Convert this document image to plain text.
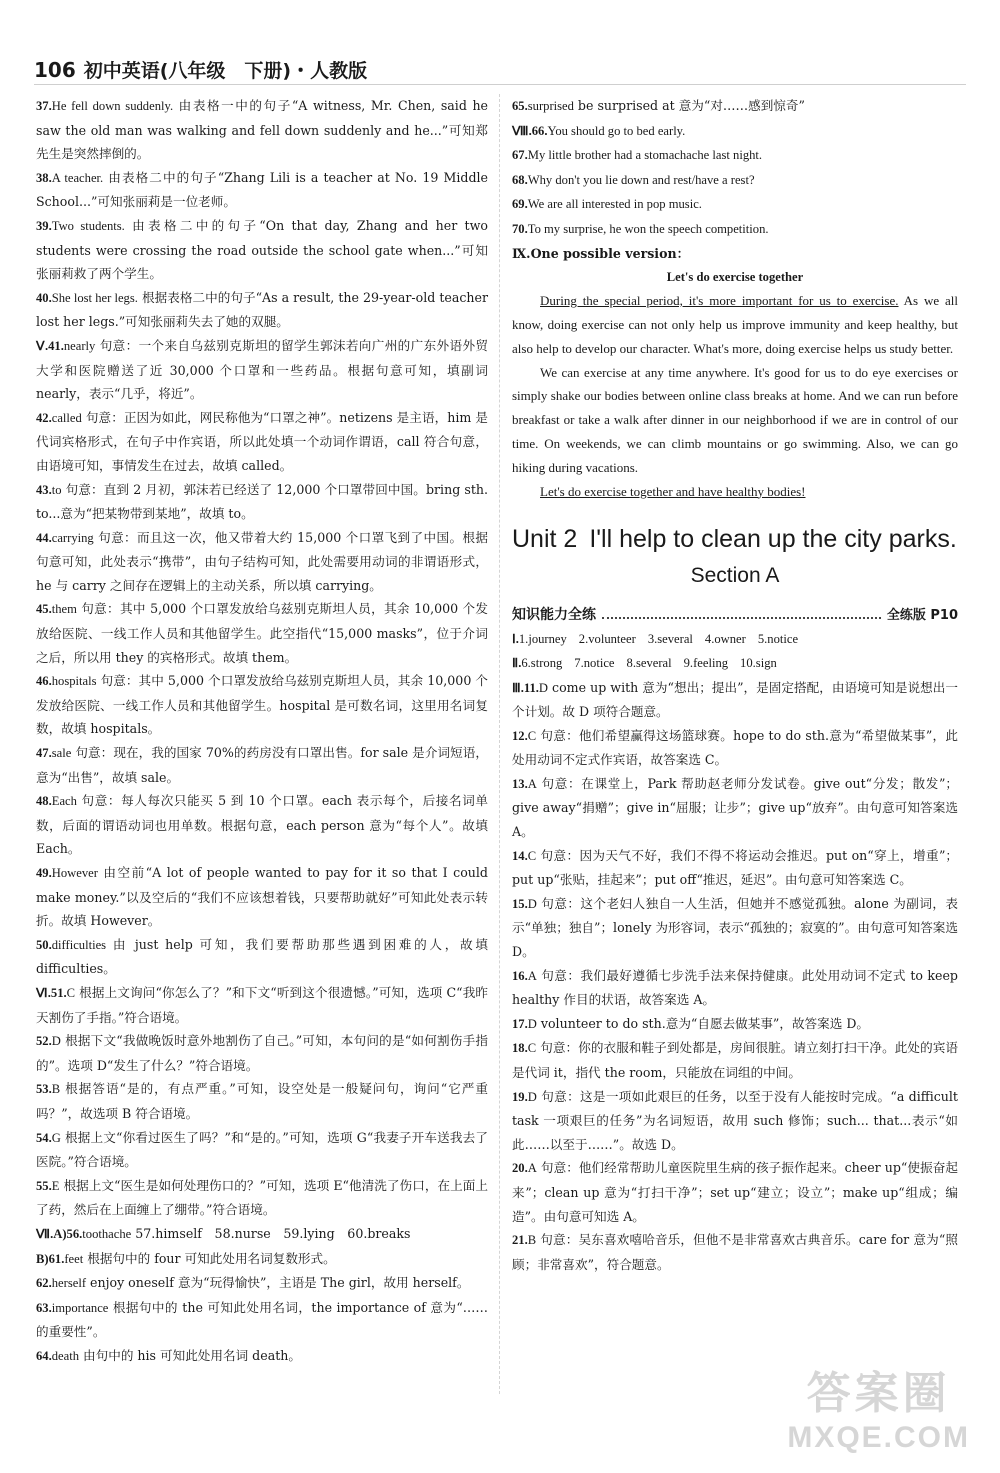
106 初中英语(八年级　下册)・人教版

37.He fell down suddenly. 由表格一中的句子“A witness, Mr. Chen, said he saw the old man was walking and fell down suddenly and he...”可知郑先生是突然摔倒的。

38.A teacher. 由表格二中的句子“Zhang Lili is a teacher at No. 19 Middle School...”可知张丽莉是一位老师。

39.Two students. 由表格二中的句子“On that day, Zhang and her two students were crossing the road outside the school gate when...”可知张丽莉救了两个学生。

40.She lost her legs. 根据表格二中的句子“As a result, the 29-year-old teacher lost her legs.”可知张丽莉失去了她的双腿。

Ⅴ.41.nearly 句意：一个来自乌兹别克斯坦的留学生郭沫若向广州的广东外语外贸大学和医院赠送了近 30,000 个口罩和一些药品。根据句意可知，填副词 nearly，表示“几乎，将近”。

42.called 句意：正因为如此，网民称他为“口罩之神”。netizens 是主语，him 是代词宾格形式，在句子中作宾语，所以此处填一个动词作谓语，call 符合句意，由语境可知，事情发生在过去，故填 called。

43.to 句意：直到 2 月初，郭沫若已经送了 12,000 个口罩带回中国。bring sth. to...意为“把某物带到某地”，故填 to。

44.carrying 句意：而且这一次，他又带着大约 15,000 个口罩飞到了中国。根据句意可知，此处表示“携带”，由句子结构可知，此处需要用动词的非谓语形式，he 与 carry 之间存在逻辑上的主动关系，所以填 carrying。

45.them 句意：其中 5,000 个口罩发放给乌兹别克斯坦人员，其余 10,000 个发放给医院、一线工作人员和其他留学生。此空指代“15,000 masks”，位于介词之后，所以用 they 的宾格形式。故填 them。

46.hospitals 句意：其中 5,000 个口罩发放给乌兹别克斯坦人员，其余 10,000 个发放给医院、一线工作人员和其他留学生。hospital 是可数名词，这里用名词复数，故填 hospitals。

47.sale 句意：现在，我的国家 70%的药房没有口罩出售。for sale 是介词短语，意为“出售”，故填 sale。

48.Each 句意：每人每次只能买 5 到 10 个口罩。each 表示每个，后接名词单数，后面的谓语动词也用单数。根据句意，each person 意为“每个人”。故填 Each。

49.However 由空前“A lot of people wanted to pay for it so that I could make money.”以及空后的“我们不应该想着钱，只要帮助就好”可知此处表示转折。故填 However。

50.difficulties 由 just help 可知，我们要帮助那些遇到困难的人，故填 difficulties。

Ⅵ.51.C 根据上文询问“你怎么了？”和下文“听到这个很遗憾。”可知，选项 C“我昨天割伤了手指。”符合语境。

52.D 根据下文“我做晚饭时意外地割伤了自己。”可知，本句问的是“如何割伤手指的”。选项 D“发生了什么？”符合语境。

53.B 根据答语“是的，有点严重。”可知，设空处是一般疑问句，询问“它严重吗？”，故选项 B 符合语境。

54.G 根据上文“你看过医生了吗？”和“是的。”可知，选项 G“我妻子开车送我去了医院。”符合语境。

55.E 根据上文“医生是如何处理伤口的？”可知，选项 E“他清洗了伤口，在上面上了药，然后在上面缠上了绷带。”符合语境。

Ⅶ.A)56.toothache 57.himself　58.nurse　59.lying　60.breaks

B)61.feet 根据句中的 four 可知此处用名词复数形式。

62.herself enjoy oneself 意为“玩得愉快”，主语是 The girl，故用 herself。

63.importance 根据句中的 the 可知此处用名词，the importance of 意为“……的重要性”。

64.death 由句中的 his 可知此处用名词 death。

65.surprised be surprised at 意为“对……感到惊奇”

Ⅷ.66.You should go to bed early.

67.My little brother had a stomachache last night.

68.Why don't you lie down and rest/have a rest?

69.We are all interested in pop music.

70.To my surprise, he won the speech competition.

Ⅸ.One possible version：
Let's do exercise together

During the special period, it's more important for us to exercise. As we all know, doing exercise can not only help us improve immunity and keep healthy, but also help to develop our character. What's more, doing exercise helps us study better.

We can exercise at any time anywhere. It's good for us to do eye exercises or simply shake our bodies between online class breaks at home. And we can run before breakfast or take a walk after dinner in our neighborhood if we are in control of our time. On weekends, we can climb mountains or go swimming. Also, we can go hiking during vacations.

Let's do exercise together and have healthy bodies!

Unit 2 I'll help to clean up the city parks.
Section A
知识能力全练	全练版 P10
Ⅰ.1.journey 2.volunteer 3.several 4.owner 5.notice
Ⅱ.6.strong 7.notice 8.several 9.feeling 10.sign

Ⅲ.11.D come up with 意为“想出；提出”，是固定搭配，由语境可知是说想出一个计划。故 D 项符合题意。

12.C 句意：他们希望赢得这场篮球赛。hope to do sth.意为“希望做某事”，此处用动词不定式作宾语，故答案选 C。

13.A 句意：在课堂上，Park 帮助赵老师分发试卷。give out“分发；散发”；give away“捐赠”；give in“屈服；让步”；give up“放弃”。由句意可知答案选 A。

14.C 句意：因为天气不好，我们不得不将运动会推迟。put on“穿上，增重”；put up“张贴，挂起来”；put off“推迟，延迟”。由句意可知答案选 C。

15.D 句意：这个老妇人独自一人生活，但她并不感觉孤独。alone 为副词，表示“单独；独自”；lonely 为形容词，表示“孤独的；寂寞的”。由句意可知答案选 D。

16.A 句意：我们最好遵循七步洗手法来保持健康。此处用动词不定式 to keep healthy 作目的状语，故答案选 A。

17.D volunteer to do sth.意为“自愿去做某事”，故答案选 D。

18.C 句意：你的衣服和鞋子到处都是，房间很脏。请立刻打扫干净。此处的宾语是代词 it，指代 the room，只能放在词组的中间。

19.D 句意：这是一项如此艰巨的任务，以至于没有人能按时完成。“a difficult task 一项艰巨的任务”为名词短语，故用 such 修饰；such... that...表示“如此……以至于……”。故选 D。

20.A 句意：他们经常帮助儿童医院里生病的孩子振作起来。cheer up“使振奋起来”；clean up 意为“打扫干净”；set up“建立；设立”；make up“组成；编造”。由句意可知选 A。

21.B 句意：吴东喜欢嘻哈音乐，但他不是非常喜欢古典音乐。care for 意为“照顾；非常喜欢”，符合题意。

答案圈
MXQE.COM
